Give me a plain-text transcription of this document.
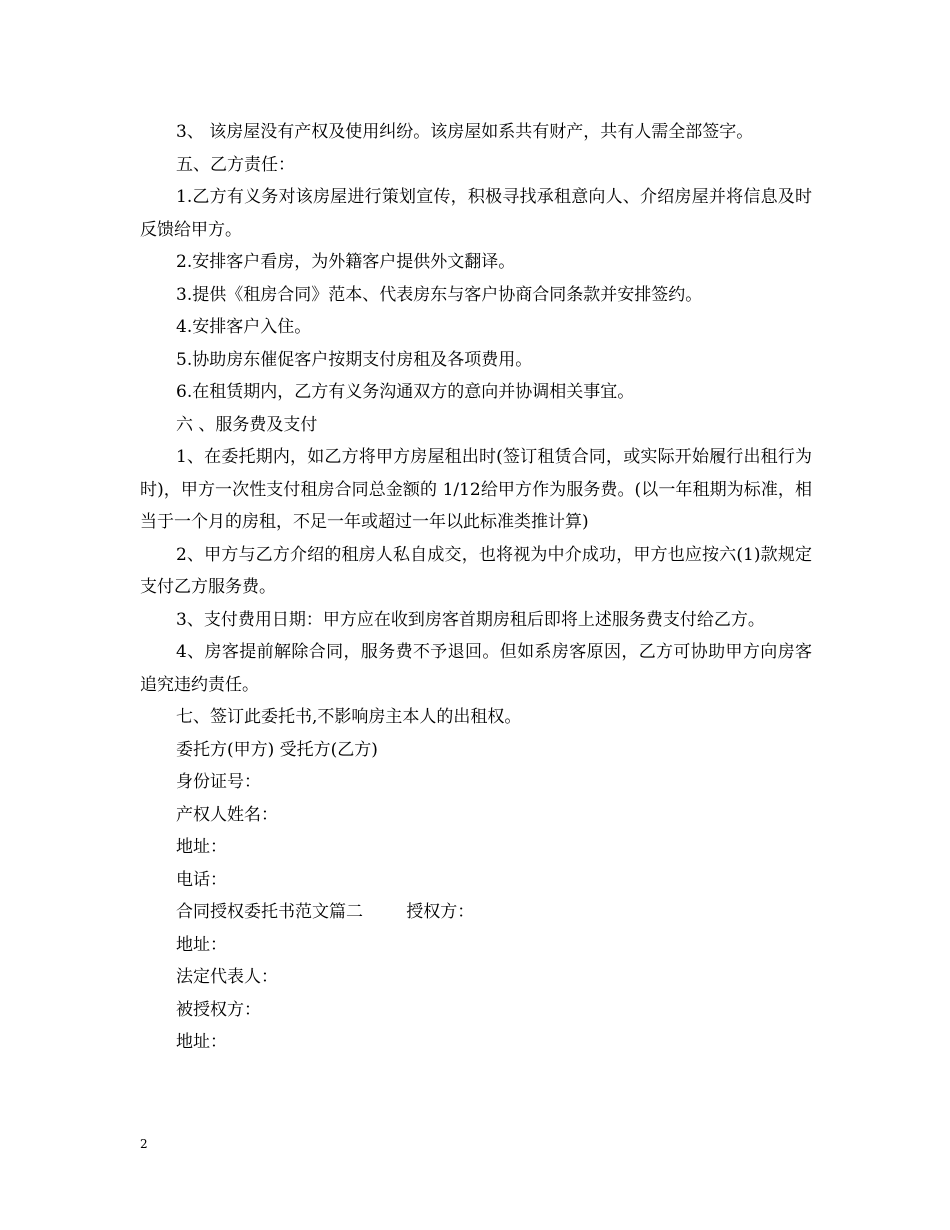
3、 该房屋没有产权及使用纠纷。该房屋如系共有财产，共有人需全部签字。

五、乙方责任：

1.乙方有义务对该房屋进行策划宣传，积极寻找承租意向人、介绍房屋并将信息及时反馈给甲方。

2.安排客户看房，为外籍客户提供外文翻译。

3.提供《租房合同》范本、代表房东与客户协商合同条款并安排签约。

4.安排客户入住。

5.协助房东催促客户按期支付房租及各项费用。

6.在租赁期内，乙方有义务沟通双方的意向并协调相关事宜。

六 、服务费及支付

1、在委托期内，如乙方将甲方房屋租出时(签订租赁合同，或实际开始履行出租行为时)，甲方一次性支付租房合同总金额的 1/12给甲方作为服务费。(以一年租期为标准，相当于一个月的房租，不足一年或超过一年以此标准类推计算)

2、甲方与乙方介绍的租房人私自成交，也将视为中介成功，甲方也应按六(1)款规定支付乙方服务费。

3、支付费用日期：甲方应在收到房客首期房租后即将上述服务费支付给乙方。

4、房客提前解除合同，服务费不予退回。但如系房客原因，乙方可协助甲方向房客追究违约责任。

七、签订此委托书,不影响房主本人的出租权。

委托方(甲方) 受托方(乙方)

身份证号：

产权人姓名：

地址：

电话：

合同授权委托书范文篇二        授权方：

地址：

法定代表人：

被授权方：

地址：

2
